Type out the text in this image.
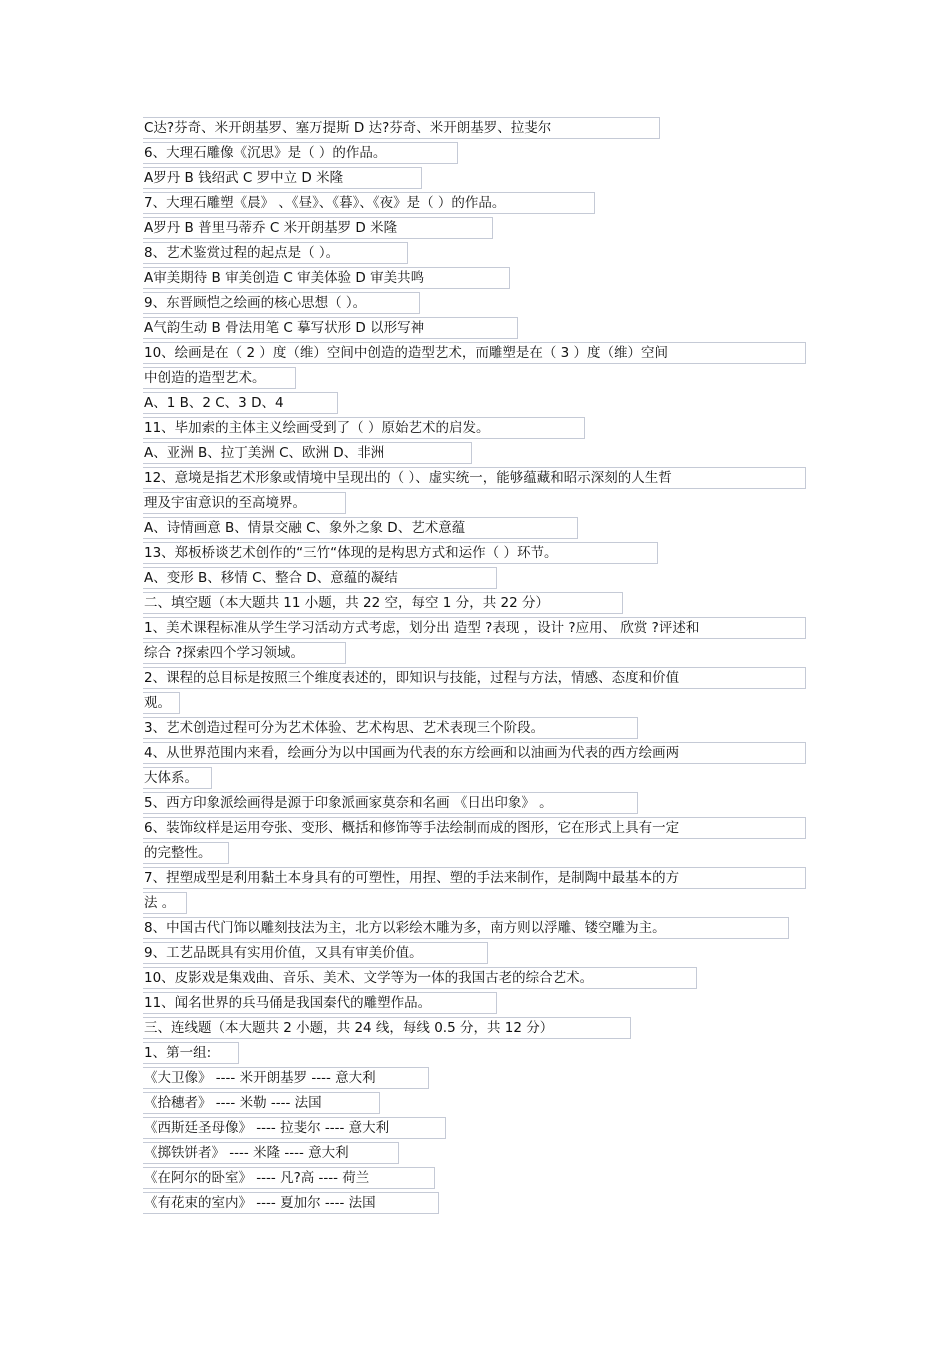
C达?芬奇、米开朗基罗、塞万提斯 D 达?芬奇、米开朗基罗、拉斐尔
6、大理石雕像《沉思》是（ ）的作品。
A罗丹 B 钱绍武 C 罗中立 D 米隆
7、大理石雕塑《晨》 、《昼》、《暮》、《夜》是（ ）的作品。
A罗丹 B 普里马蒂乔 C 米开朗基罗 D 米隆
8、艺术鉴赏过程的起点是（ ）。
A审美期待 B 审美创造 C 审美体验 D 审美共鸣
9、东晋顾恺之绘画的核心思想（ ）。
A气韵生动 B 骨法用笔 C 摹写状形 D 以形写神
10、绘画是在（ 2 ）度（维）空间中创造的造型艺术，而雕塑是在（ 3 ）度（维）空间
中创造的造型艺术。
A、1 B、2 C、3 D、4
11、毕加索的主体主义绘画受到了（ ）原始艺术的启发。
A、亚洲 B、拉丁美洲 C、欧洲 D、非洲
12、意境是指艺术形象或情境中呈现出的（ ）、虚实统一，能够蕴藏和昭示深刻的人生哲
理及宇宙意识的至高境界。
A、诗情画意 B、情景交融 C、象外之象 D、艺术意蕴
13、郑板桥谈艺术创作的“三竹“体现的是构思方式和运作（ ）环节。
A、变形 B、移情 C、整合 D、意蕴的凝结
二、填空题（本大题共 11 小题，共 22 空，每空 1 分，共 22 分）
1、美术课程标准从学生学习活动方式考虑，划分出 造型 ?表现 ，设计 ?应用、 欣赏 ?评述和
综合 ?探索四个学习领域。
2、课程的总目标是按照三个维度表述的，即知识与技能，过程与方法，情感、态度和价值
观。
3、艺术创造过程可分为艺术体验、艺术构思、艺术表现三个阶段。
4、从世界范围内来看，绘画分为以中国画为代表的东方绘画和以油画为代表的西方绘画两
大体系。
5、西方印象派绘画得是源于印象派画家莫奈和名画 《日出印象》 。
6、装饰纹样是运用夸张、变形、概括和修饰等手法绘制而成的图形，它在形式上具有一定
的完整性。
7、捏塑成型是利用黏土本身具有的可塑性，用捏、塑的手法来制作，是制陶中最基本的方
法 。
8、中国古代门饰以雕刻技法为主，北方以彩绘木雕为多，南方则以浮雕、镂空雕为主。
9、工艺品既具有实用价值，又具有审美价值。
10、皮影戏是集戏曲、音乐、美术、文学等为一体的我国古老的综合艺术。
11、闻名世界的兵马俑是我国秦代的雕塑作品。
三、连线题（本大题共 2 小题，共 24 线，每线 0.5 分，共 12 分）
1、第一组:
《大卫像》 ---- 米开朗基罗 ---- 意大利
《拾穗者》 ---- 米勒 ---- 法国
《西斯廷圣母像》 ---- 拉斐尔 ---- 意大利
《掷铁饼者》 ---- 米隆 ---- 意大利
《在阿尔的卧室》 ---- 凡?高 ---- 荷兰
《有花束的室内》 ---- 夏加尔 ---- 法国
